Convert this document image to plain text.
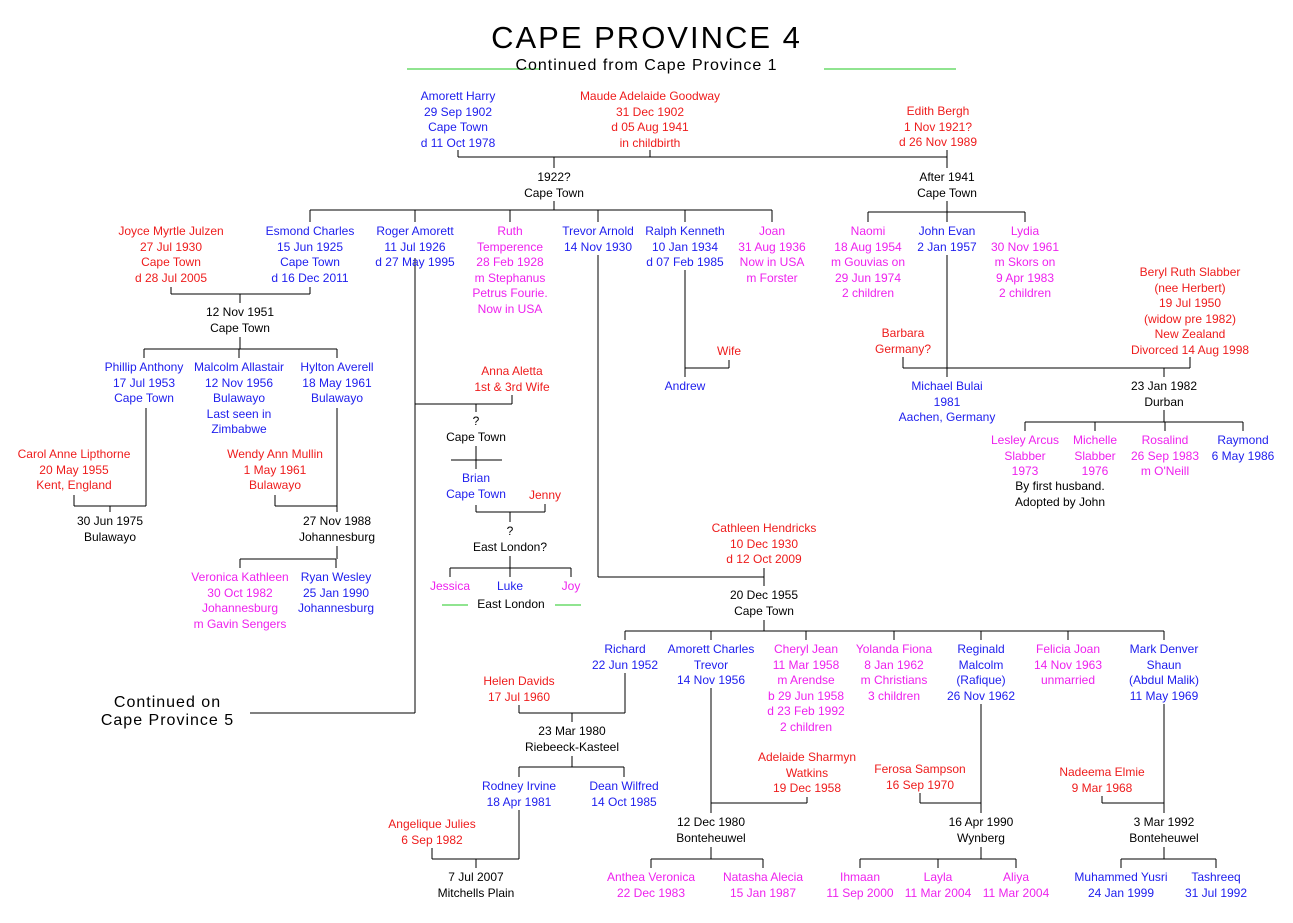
CAPE PROVINCE 4
Continued from Cape Province 1
Continued on
Cape Province 5
Amorett Harry
29 Sep 1902
Cape Town
d 11 Oct 1978
Maude Adelaide Goodway
31 Dec 1902
d 05 Aug 1941
in childbirth
Edith Bergh
1 Nov 1921?
d 26 Nov 1989
1922?
Cape Town
After 1941
Cape Town
Joyce Myrtle Julzen
27 Jul 1930
Cape Town
d 28 Jul 2005
Esmond Charles
15 Jun 1925
Cape Town
d 16 Dec 2011
Roger Amorett
11 Jul 1926
d 27 May 1995
Ruth
Temperence
28 Feb 1928
m Stephanus
Petrus Fourie.
Now in USA
Trevor Arnold
14 Nov 1930
Ralph Kenneth
10 Jan 1934
d 07 Feb 1985
Joan
31 Aug 1936
Now in USA
m Forster
Naomi
18 Aug 1954
m Gouvias on
29 Jun 1974
2 children
John Evan
2 Jan 1957
Lydia
30 Nov 1961
m Skors on
9 Apr 1983
2 children
Beryl Ruth Slabber
(nee Herbert)
19 Jul 1950
(widow pre 1982)
New Zealand
Divorced 14 Aug 1998
Barbara
Germany?
12 Nov 1951
Cape Town
Phillip Anthony
17 Jul 1953
Cape Town
Malcolm Allastair
12 Nov 1956
Bulawayo
Last seen in
Zimbabwe
Hylton Averell
18 May 1961
Bulawayo
Wife
Andrew	Michael Bulai
1981
Aachen, Germany
23 Jan 1982
Durban
Anna Aletta
1st & 3rd Wife
?
Cape Town	Lesley Arcus
Slabber
1973
Michelle
Slabber
1976
Rosalind
26 Sep 1983
m O'Neill
Raymond
6 May 1986
By first husband.
Adopted by John
Carol Anne Lipthorne
20 May 1955
Kent, England
Wendy Ann Mullin
1 May 1961
Bulawayo	Brian
Cape Town	Jenny
30 Jun 1975
Bulawayo
27 Nov 1988
Johannesburg
Cathleen Hendricks
10 Dec 1930
d 12 Oct 2009
?
East London?
Veronica Kathleen
30 Oct 1982
Johannesburg
m Gavin Sengers
Ryan Wesley
25 Jan 1990
Johannesburg
Jessica	Luke	Joy
East London
20 Dec 1955
Cape Town
Richard
22 Jun 1952
Amorett Charles
Trevor
14 Nov 1956
Cheryl Jean
11 Mar 1958
m Arendse
b 29 Jun 1958
d 23 Feb 1992
2 children
Yolanda Fiona
8 Jan 1962
m Christians
3 children
Reginald
Malcolm
(Rafique)
26 Nov 1962
Felicia Joan
14 Nov 1963
unmarried
Mark Denver
Shaun
(Abdul Malik)
11 May 1969
Helen Davids
17 Jul 1960
23 Mar 1980
Riebeeck-Kasteel
Adelaide Sharmyn
Watkins
19 Dec 1958
Ferosa Sampson
16 Sep 1970
Nadeema Elmie
9 Mar 1968
Rodney Irvine
18 Apr 1981
Dean Wilfred
14 Oct 1985
Angelique Julies
6 Sep 1982
12 Dec 1980
Bonteheuwel
16 Apr 1990
Wynberg
3 Mar 1992
Bonteheuwel
7 Jul 2007
Mitchells Plain
Anthea Veronica
22 Dec 1983
Natasha Alecia
15 Jan 1987
Ihmaan
11 Sep 2000
Layla
11 Mar 2004
Aliya
11 Mar 2004
Muhammed Yusri
24 Jan 1999
Tashreeq
31 Jul 1992
